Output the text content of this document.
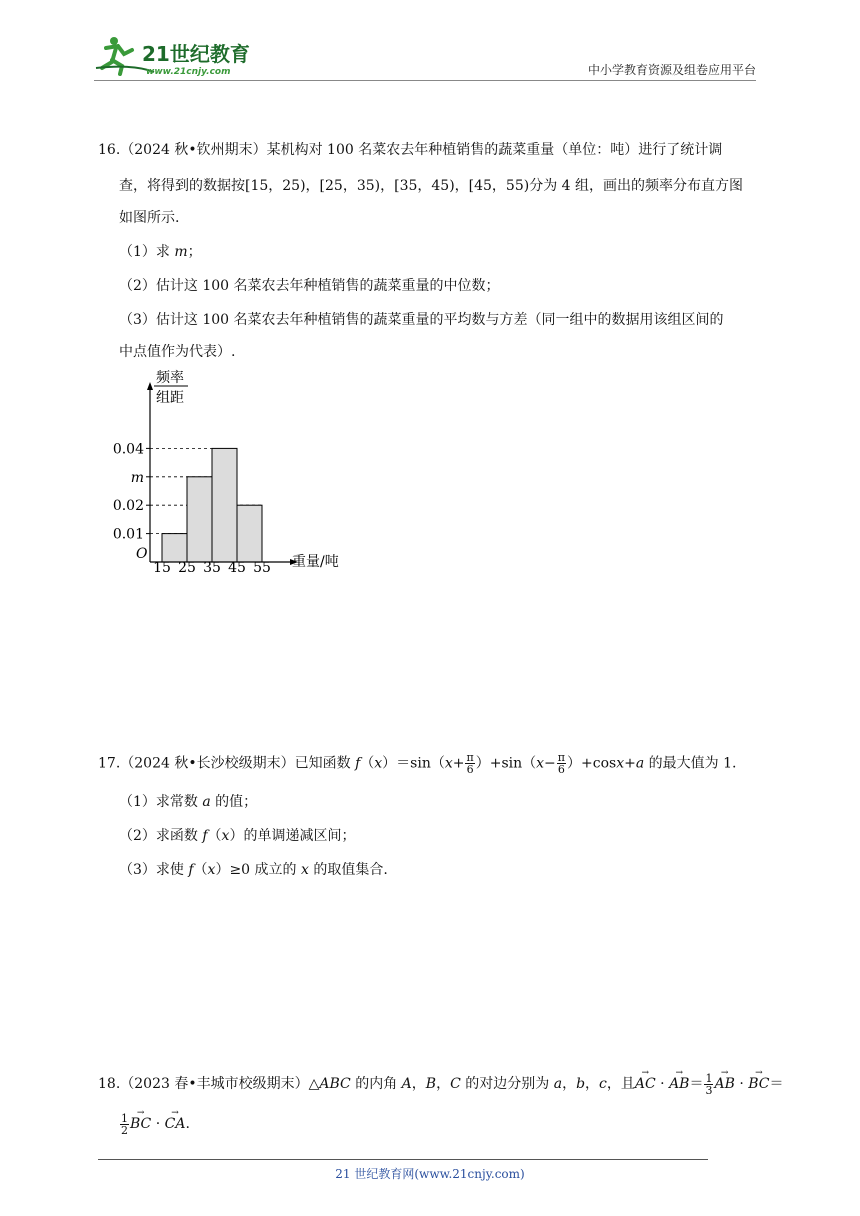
21世纪教育
www.21cnjy.com	中小学教育资源及组卷应用平台
16.（2024 秋•钦州期末）某机构对 100 名菜农去年种植销售的蔬菜重量（单位：吨）进行了统计调
查，将得到的数据按[15，25)，[25，35)，[35，45)，[45，55)分为 4 组，画出的频率分布直方图
如图所示.
（1）求 m；
（2）估计这 100 名菜农去年种植销售的蔬菜重量的中位数；
（3）估计这 100 名菜农去年种植销售的蔬菜重量的平均数与方差（同一组中的数据用该组区间的
中点值作为代表）.
频率
组距
O
0.01
0.02
m
0.04
15 25 35 45 55 重量/吨
17.（2024 秋•长沙校级期末）已知函数 $f(x)=\sin(x+ \frac{\pi}{6} )+\sin(x- \frac{\pi}{6} )+\cos x+a$ 的最大值为 1.
（1）求常数 a 的值；
（2）求函数 f（x）的单调递减区间；
（3）求使 f（x）≥0 成立的 x 的取值集合.
18.（2023 春•丰城市校级期末）△ABC 的内角 A，B，C 的对边分别为 a，b，c，且→ AC · → $AB= \frac{1}{3}$ → AB · → BC＝
$\frac{1}{2}$ → BC · → CA.
21 世纪教育网(www.21cnjy.com)
